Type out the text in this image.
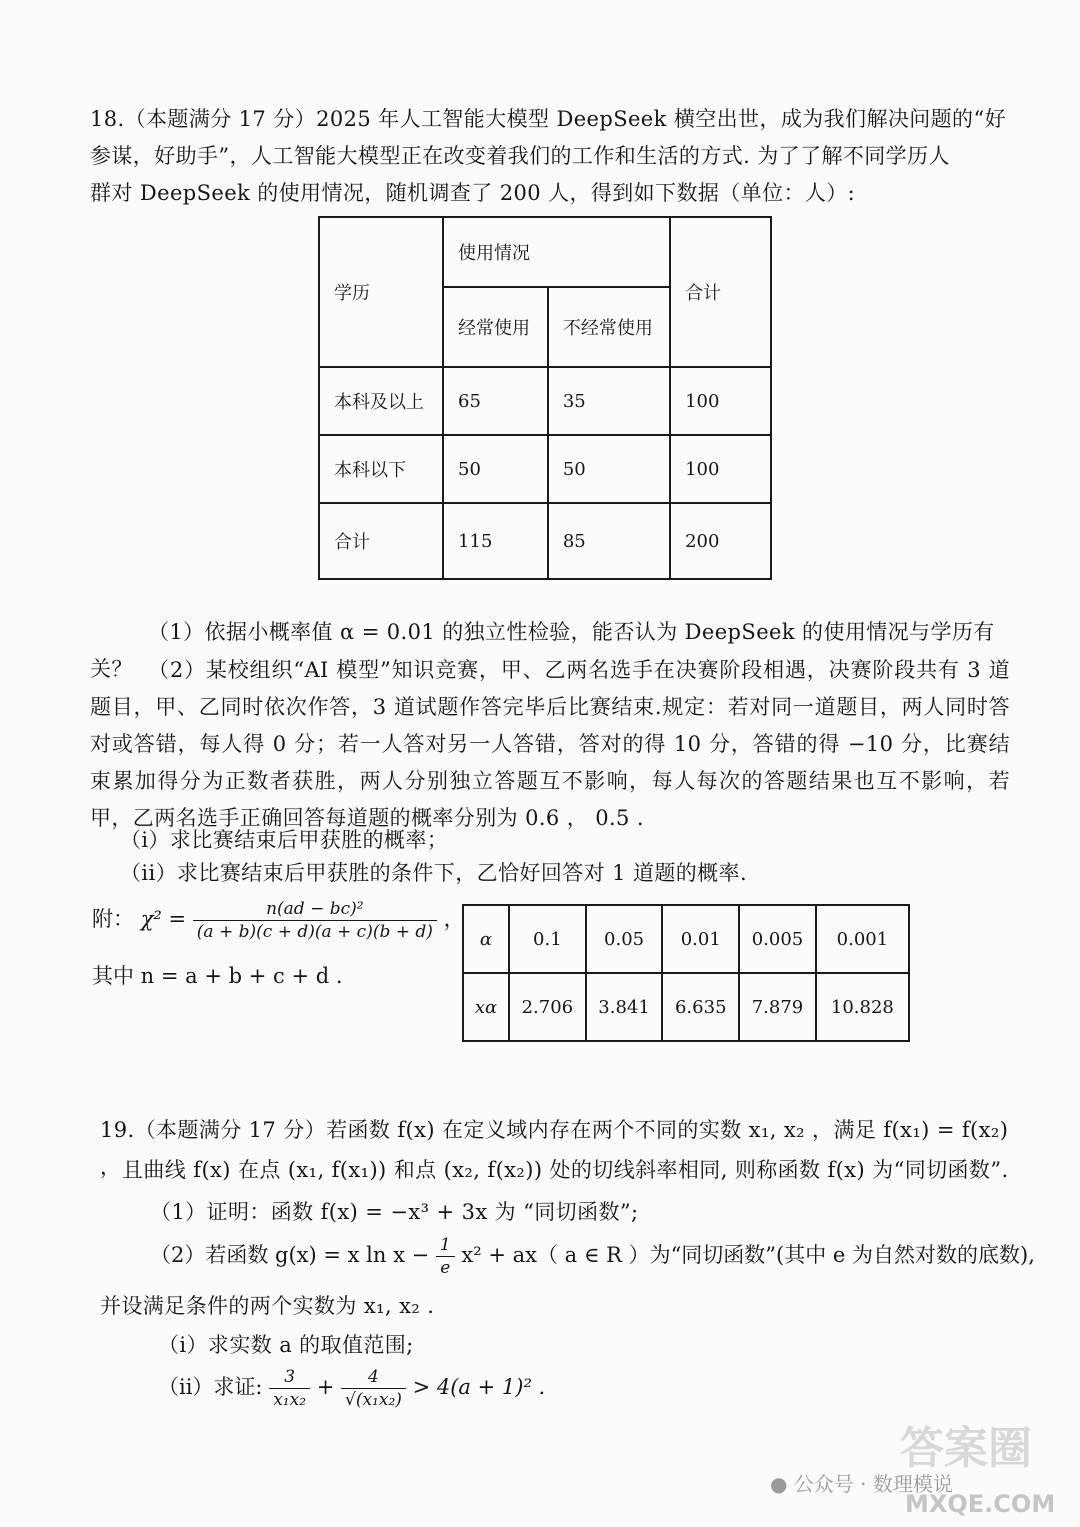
18.（本题满分 17 分）2025 年人工智能大模型 DeepSeek 横空出世，成为我们解决问题的“好
参谋，好助手”，人工智能大模型正在改变着我们的工作和生活的方式. 为了了解不同学历人
群对 DeepSeek 的使用情况，随机调查了 200 人，得到如下数据（单位：人）:
学历	使用情况		合计
	经常使用	不经常使用	
本科及以上	65	35	100
本科以下	50	50	100
合计	115	85	200
（1）依据小概率值 α = 0.01 的独立性检验，能否认为 DeepSeek 的使用情况与学历有关？ （2）某校组织“AI 模型”知识竞赛，甲、乙两名选手在决赛阶段相遇，决赛阶段共有 3 道题目，甲、乙同时依次作答，3 道试题作答完毕后比赛结束.规定：若对同一道题目，两人同时答对或答错，每人得 0 分；若一人答对另一人答错，答对的得 10 分，答错的得 −10 分，比赛结束累加得分为正数者获胜，两人分别独立答题互不影响，每人每次的答题结果也互不影响，若甲，乙两名选手正确回答每道题的概率分别为 0.6 ， 0.5 .
（i）求比赛结束后甲获胜的概率；
（ii）求比赛结束后甲获胜的条件下，乙恰好回答对 1 道题的概率.
附： $\chi^2 = \frac{\text{n(ad − bc)²}}{(a + b)(c + d)(a + c)(b + d)}$ ，
其中 n = a + b + c + d .
α	0.1	0.05	0.01	0.005	0.001
xα	2.706	3.841	6.635	7.879	10.828
19.（本题满分 17 分）若函数 f(x) 在定义域内存在两个不同的实数 x₁, x₂ ，满足 f(x₁) = f(x₂) ， 且曲线 f(x) 在点 (x₁, f(x₁)) 和点 (x₂, f(x₂)) 处的切线斜率相同, 则称函数 f(x) 为“同切函数”.
（1）证明：函数 f(x) = −x³ + 3x 为 “同切函数”;
（2）若函数 g(x) = x $\ln x - \frac{1}{e} x^2 + ax$（ a ∈ R ）为“同切函数”(其中 e 为自然对数的底数),
并设满足条件的两个实数为 x₁, x₂ .
（i）求实数 a 的取值范围;
（ii）求证: $\frac{3}{\text{x₁x₂}} + \frac{4}{\text{√(x₁x₂)}} > 4(a + 1)^2$ .
● 公众号 · 数理模说
答案圈
MXQE.COM
